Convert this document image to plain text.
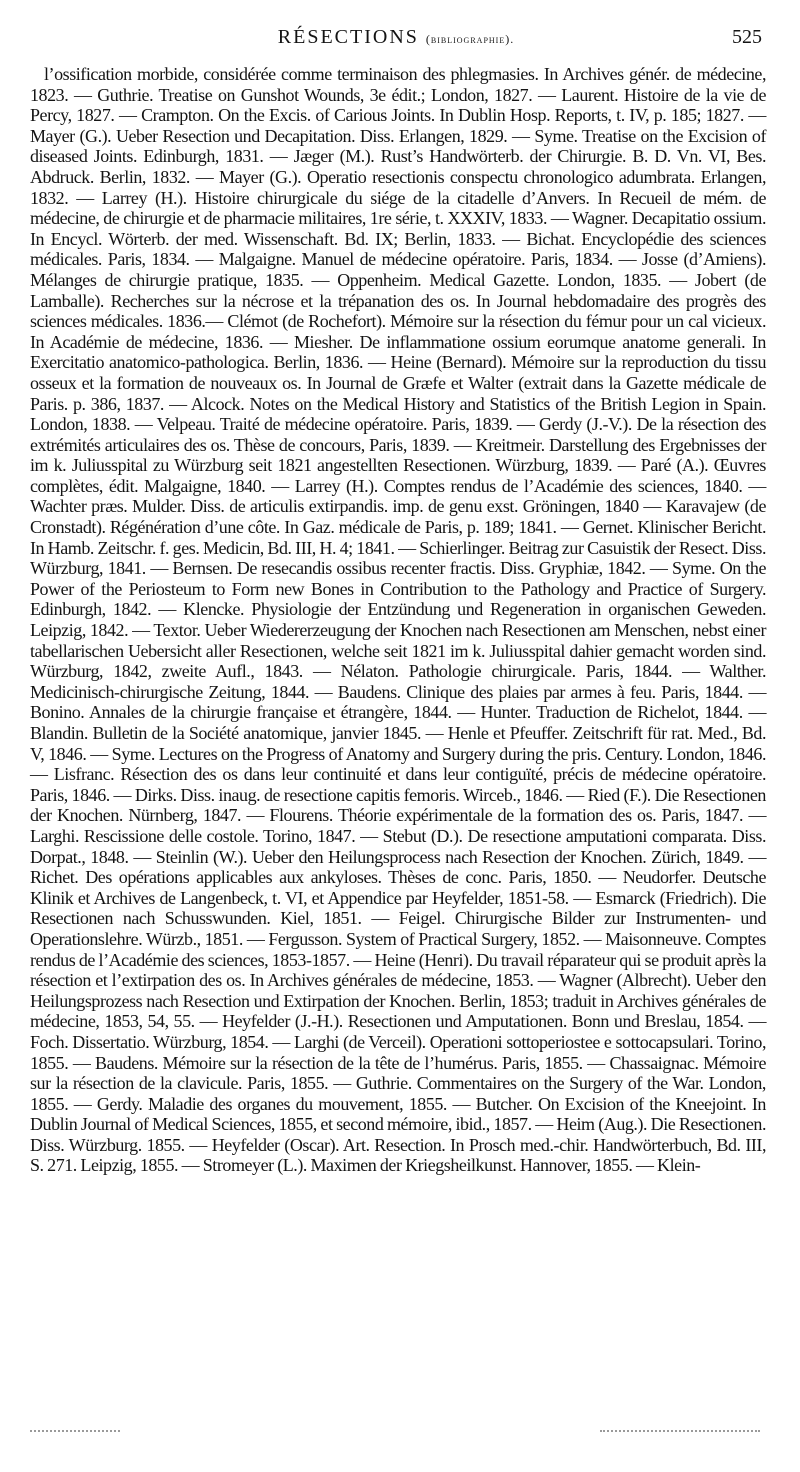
RÉSECTIONS (bibliographie).	525

l’ossification morbide, considérée comme terminaison des phlegmasies. In Archives génér. de médecine, 1823. — Guthrie. Treatise on Gunshot Wounds, 3e édit.; London, 1827. — Laurent. Histoire de la vie de Percy, 1827. — Crampton. On the Excis. of Carious Joints. In Dublin Hosp. Reports, t. IV, p. 185; 1827. — Mayer (G.). Ueber Resection und Decapitation. Diss. Erlangen, 1829. — Syme. Treatise on the Excision of diseased Joints. Edinburgh, 1831. — Jæger (M.). Rust’s Handwörterb. der Chirurgie. B. D. Vn. VI, Bes. Abdruck. Berlin, 1832. — Mayer (G.). Operatio resectionis conspectu chronologico adumbrata. Erlangen, 1832. — Larrey (H.). Histoire chirurgicale du siége de la citadelle d’Anvers. In Recueil de mém. de médecine, de chirurgie et de pharmacie militaires, 1re série, t. XXXIV, 1833. — Wagner. Decapitatio ossium. In Encycl. Wörterb. der med. Wissenschaft. Bd. IX; Berlin, 1833. — Bichat. Encyclopédie des sciences médicales. Paris, 1834. — Malgaigne. Manuel de médecine opératoire. Paris, 1834. — Josse (d’Amiens). Mélanges de chirurgie pratique, 1835. — Oppenheim. Medical Gazette. London, 1835. — Jobert (de Lamballe). Recherches sur la nécrose et la trépanation des os. In Journal hebdomadaire des progrès des sciences médicales. 1836.— Clémot (de Rochefort). Mémoire sur la résection du fémur pour un cal vicieux. In Académie de médecine, 1836. — Miesher. De inflammatione ossium eorumque anatome generali. In Exercitatio anatomico-pathologica. Berlin, 1836. — Heine (Bernard). Mémoire sur la reproduction du tissu osseux et la formation de nouveaux os. In Journal de Græfe et Walter (extrait dans la Gazette médicale de Paris. p. 386, 1837. — Alcock. Notes on the Medical History and Statistics of the British Legion in Spain. London, 1838. — Velpeau. Traité de médecine opératoire. Paris, 1839. — Gerdy (J.-V.). De la résection des extrémités articulaires des os. Thèse de concours, Paris, 1839. — Kreitmeir. Darstellung des Ergebnisses der im k. Juliusspital zu Würzburg seit 1821 angestellten Resectionen. Würzburg, 1839. — Paré (A.). Œuvres complètes, édit. Malgaigne, 1840. — Larrey (H.). Comptes rendus de l’Académie des sciences, 1840. — Wachter præs. Mulder. Diss. de articulis extirpandis. imp. de genu exst. Gröningen, 1840 — Karavajew (de Cronstadt). Régénération d’une côte. In Gaz. médicale de Paris, p. 189; 1841. — Gernet. Klinischer Bericht. In Hamb. Zeitschr. f. ges. Medicin, Bd. III, H. 4; 1841. — Schierlinger. Beitrag zur Casuistik der Resect. Diss. Würzburg, 1841. — Bernsen. De resecandis ossibus recenter fractis. Diss. Gryphiæ, 1842. — Syme. On the Power of the Periosteum to Form new Bones in Contribution to the Pathology and Practice of Surgery. Edinburgh, 1842. — Klencke. Physiologie der Entzündung und Regeneration in organischen Geweden. Leipzig, 1842. — Textor. Ueber Wiedererzeugung der Knochen nach Resectionen am Menschen, nebst einer tabellarischen Uebersicht aller Resectionen, welche seit 1821 im k. Juliusspital dahier gemacht worden sind. Würzburg, 1842, zweite Aufl., 1843. — Nélaton. Pathologie chirurgicale. Paris, 1844. — Walther. Medicinisch-chirurgische Zeitung, 1844. — Baudens. Clinique des plaies par armes à feu. Paris, 1844. — Bonino. Annales de la chirurgie française et étrangère, 1844. — Hunter. Traduction de Richelot, 1844. — Blandin. Bulletin de la Société anatomique, janvier 1845. — Henle et Pfeuffer. Zeitschrift für rat. Med., Bd. V, 1846. — Syme. Lectures on the Progress of Anatomy and Surgery during the pris. Century. London, 1846. — Lisfranc. Résection des os dans leur continuité et dans leur contiguïté, précis de médecine opératoire. Paris, 1846. — Dirks. Diss. inaug. de resectione capitis femoris. Wirceb., 1846. — Ried (F.). Die Resectionen der Knochen. Nürnberg, 1847. — Flourens. Théorie expérimentale de la formation des os. Paris, 1847. — Larghi. Rescissione delle costole. Torino, 1847. — Stebut (D.). De resectione amputationi comparata. Diss. Dorpat., 1848. — Steinlin (W.). Ueber den Heilungsprocess nach Resection der Knochen. Zürich, 1849. — Richet. Des opérations applicables aux ankyloses. Thèses de conc. Paris, 1850. — Neudorfer. Deutsche Klinik et Archives de Langenbeck, t. VI, et Appendice par Heyfelder, 1851-58. — Esmarck (Friedrich). Die Resectionen nach Schusswunden. Kiel, 1851. — Feigel. Chirurgische Bilder zur Instrumenten- und Operationslehre. Würzb., 1851. — Fergusson. System of Practical Surgery, 1852. — Maisonneuve. Comptes rendus de l’Académie des sciences, 1853-1857. — Heine (Henri). Du travail réparateur qui se produit après la résection et l’extirpation des os. In Archives générales de médecine, 1853. — Wagner (Albrecht). Ueber den Heilungsprozess nach Resection und Extirpation der Knochen. Berlin, 1853; traduit in Archives générales de médecine, 1853, 54, 55. — Heyfelder (J.-H.). Resectionen und Amputationen. Bonn und Breslau, 1854. — Foch. Dissertatio. Würzburg, 1854. — Larghi (de Verceil). Operationi sottoperiostee e sottocapsulari. Torino, 1855. — Baudens. Mémoire sur la résection de la tête de l’humérus. Paris, 1855. — Chassaignac. Mémoire sur la résection de la clavicule. Paris, 1855. — Guthrie. Commentaires on the Surgery of the War. London, 1855. — Gerdy. Maladie des organes du mouvement, 1855. — Butcher. On Excision of the Kneejoint. In Dublin Journal of Medical Sciences, 1855, et second mémoire, ibid., 1857. — Heim (Aug.). Die Resectionen. Diss. Würzburg. 1855. — Heyfelder (Oscar). Art. Resection. In Prosch med.-chir. Handwörterbuch, Bd. III, S. 271. Leipzig, 1855. — Stromeyer (L.). Maximen der Kriegsheilkunst. Hannover, 1855. — Klein-
